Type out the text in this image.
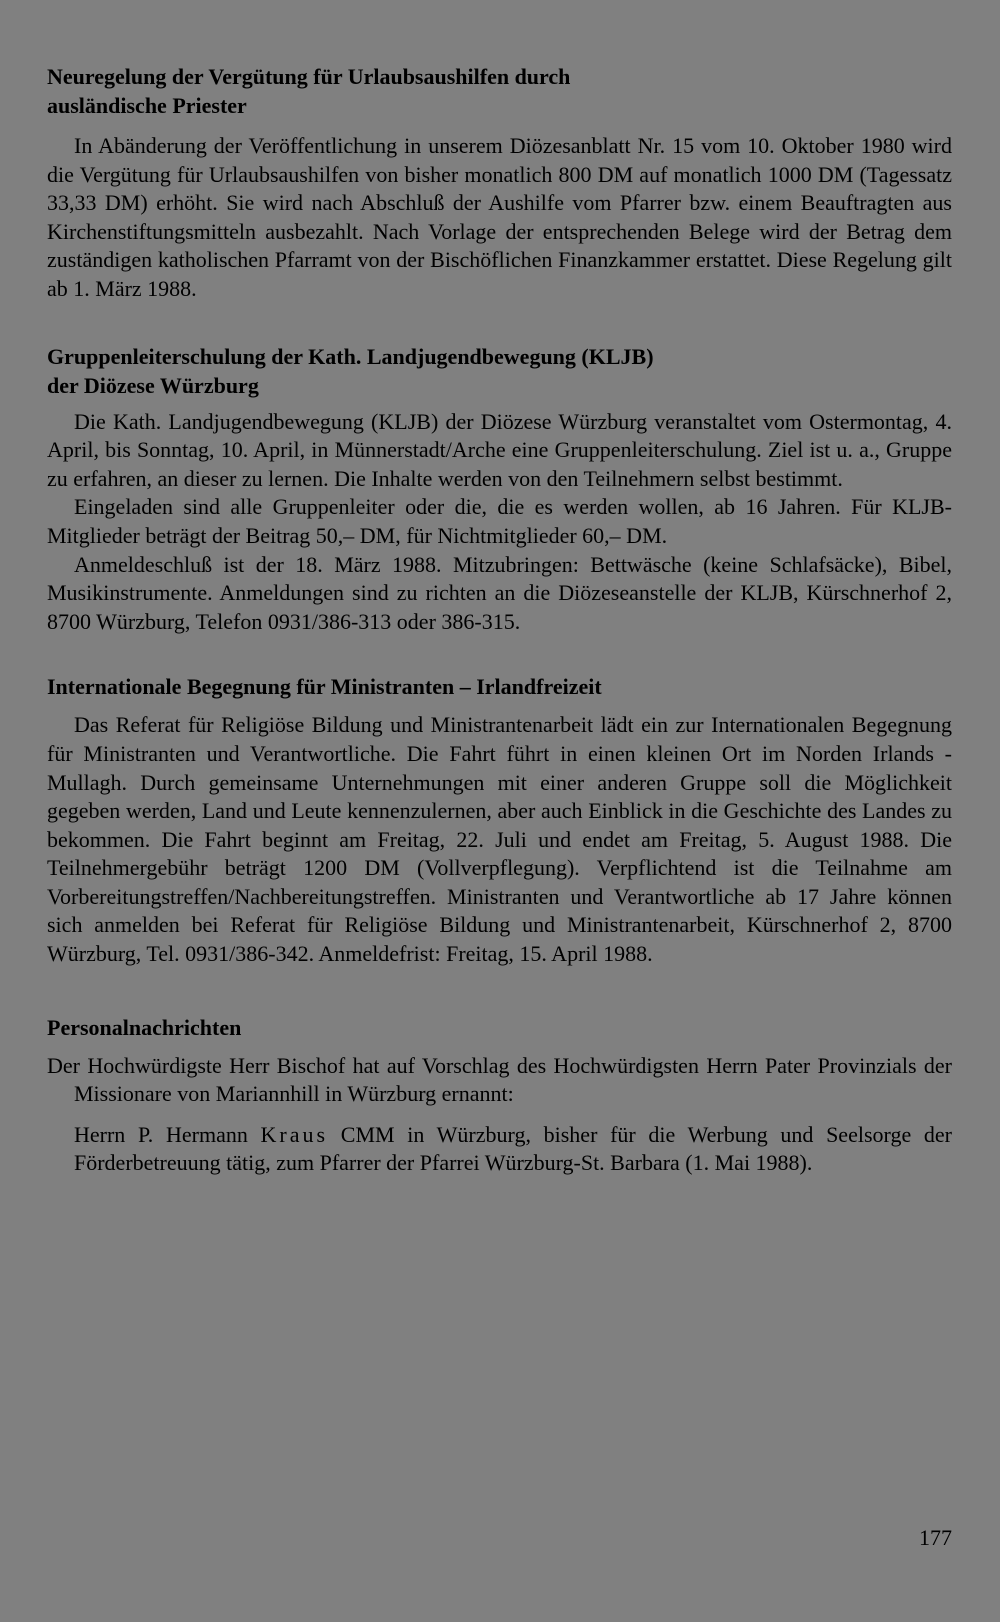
Neuregelung der Vergütung für Urlaubsaushilfen durch
ausländische Priester

In Abänderung der Veröffentlichung in unserem Diözesanblatt Nr. 15 vom 10. Oktober 1980 wird die Vergütung für Urlaubsaushilfen von bisher monatlich 800 DM auf monatlich 1000 DM (Tagessatz 33,33 DM) erhöht. Sie wird nach Abschluß der Aushilfe vom Pfarrer bzw. einem Beauftragten aus Kirchenstiftungsmitteln ausbezahlt. Nach Vorlage der entsprechenden Belege wird der Betrag dem zuständigen katholischen Pfarramt von der Bischöflichen Finanzkammer erstattet. Diese Regelung gilt ab 1. März 1988.

Gruppenleiterschulung der Kath. Landjugendbewegung (KLJB)
der Diözese Würzburg

Die Kath. Landjugendbewegung (KLJB) der Diözese Würzburg veranstaltet vom Ostermontag, 4. April, bis Sonntag, 10. April, in Münnerstadt/Arche eine Gruppenleiterschulung. Ziel ist u. a., Gruppe zu erfahren, an dieser zu lernen. Die Inhalte werden von den Teilnehmern selbst bestimmt.

Eingeladen sind alle Gruppenleiter oder die, die es werden wollen, ab 16 Jahren. Für KLJB-Mitglieder beträgt der Beitrag 50,– DM, für Nichtmitglieder 60,– DM.

Anmeldeschluß ist der 18. März 1988. Mitzubringen: Bettwäsche (keine Schlafsäcke), Bibel, Musikinstrumente. Anmeldungen sind zu richten an die Diözeseanstelle der KLJB, Kürschnerhof 2, 8700 Würzburg, Telefon 0931/386-313 oder 386-315.

Internationale Begegnung für Ministranten – Irlandfreizeit

Das Referat für Religiöse Bildung und Ministrantenarbeit lädt ein zur Internationalen Begegnung für Ministranten und Verantwortliche. Die Fahrt führt in einen kleinen Ort im Norden Irlands - Mullagh. Durch gemeinsame Unternehmungen mit einer anderen Gruppe soll die Möglichkeit gegeben werden, Land und Leute kennenzulernen, aber auch Einblick in die Geschichte des Landes zu bekommen. Die Fahrt beginnt am Freitag, 22. Juli und endet am Freitag, 5. August 1988. Die Teilnehmergebühr beträgt 1200 DM (Vollverpflegung). Verpflichtend ist die Teilnahme am Vorbereitungstreffen/Nachbereitungstreffen. Ministranten und Verantwortliche ab 17 Jahre können sich anmelden bei Referat für Religiöse Bildung und Ministrantenarbeit, Kürschnerhof 2, 8700 Würzburg, Tel. 0931/386-342. Anmeldefrist: Freitag, 15. April 1988.

Personalnachrichten

Der Hochwürdigste Herr Bischof hat auf Vorschlag des Hochwürdigsten Herrn Pater Provinzials der Missionare von Mariannhill in Würzburg ernannt:

Herrn P. Hermann Kraus CMM in Würzburg, bisher für die Werbung und Seelsorge der Förderbetreuung tätig, zum Pfarrer der Pfarrei Würzburg-St. Barbara (1. Mai 1988).

177
